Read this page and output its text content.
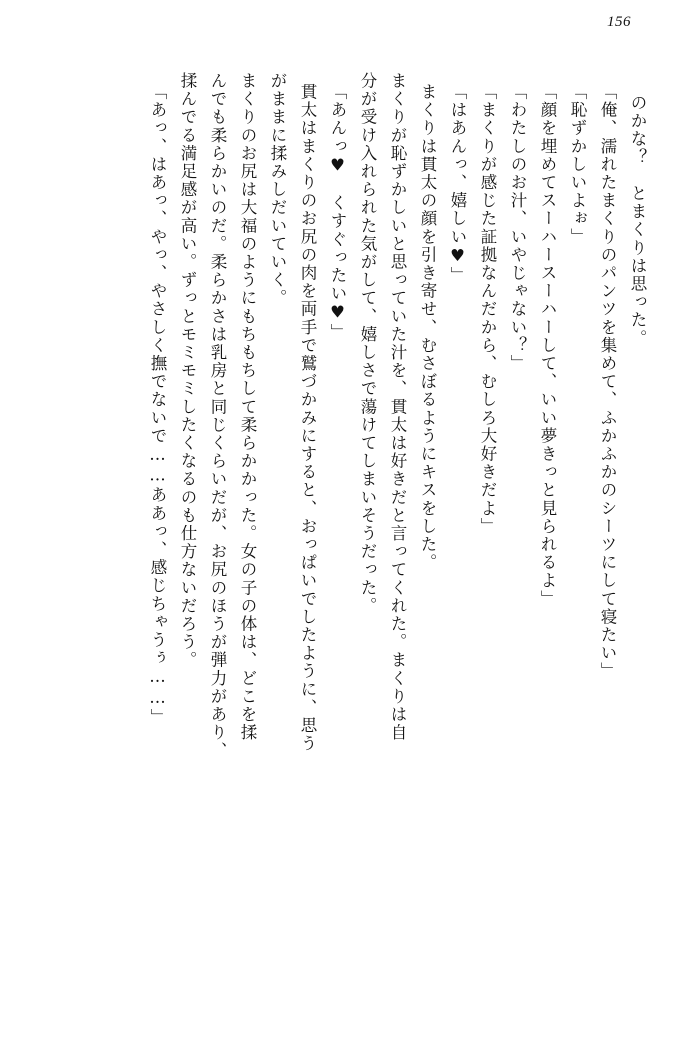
156
のかな？　とまくりは思った。
「俺、濡れたまくりのパンツを集めて、ふかふかのシーツにして寝たい」
「恥ずかしいよぉ」
「顔を埋めてスーハースーハーして、いい夢きっと見られるよ」
「わたしのお汁、いやじゃない？」
「まくりが感じた証拠なんだから、むしろ大好きだよ」
「はあんっ、嬉しい♥」
まくりは貫太の顔を引き寄せ、むさぼるようにキスをした。
まくりが恥ずかしいと思っていた汁を、貫太は好きだと言ってくれた。まくりは自
分が受け入れられた気がして、嬉しさで蕩けてしまいそうだった。
「あんっ♥　くすぐったい♥」
貫太はまくりのお尻の肉を両手で鷲づかみにすると、おっぱいでしたように、思う
がままに揉みしだいていく。
まくりのお尻は大福のようにもちもちして柔らかかった。女の子の体は、どこを揉
んでも柔らかいのだ。柔らかさは乳房と同じくらいだが、お尻のほうが弾力があり、
揉んでる満足感が高い。ずっとモミモミしたくなるのも仕方ないだろう。
「あっ、はあっ、やっ、やさしく撫でないで……ああっ、感じちゃうぅ……」
